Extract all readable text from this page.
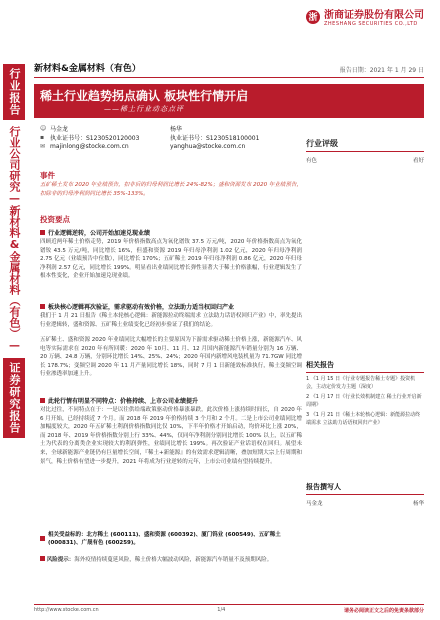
行业报告
行业公司研究—新材料&金属材料（有色）—
证券研究报告
浙 浙商证券股份有限公司
ZHESHANG SECURITIES CO.,LTD
新材料&金属材料（有色）	报告日期：2021 年 1 月 29 日
稀土行业趋势拐点确认 板块性行情开启
——稀土行业动态点评
☺ 马金龙	杨华
▪ 执业证书号：S1230520120003	执业证书号：S1230518100001
✉ majinlong@stocke.com.cn	yanghua@stocke.com.cn	行业评级
有色	看好
事件
五矿稀土发布 2020 年业绩预告，扣非后的归母利润比增长 24%-82%；盛和资源发布 2020 年业绩预告，扣除非的归母净利润同比增长 35%-133%。
投资要点
行业逻辑逆转，公司开始加速兑现业绩
四顾近两年稀土价格走势，2019 年价格指数高点为氧化镨钕 37.5 万元/吨，2020 年价格指数高点为氧化镨钕 43.5 万元/吨，同比增长 16%，但盛和资源 2019 年归母净利润 1.02 亿元，2020 年归母净利润 2.75 亿元（业绩预告中位数），同比增长 170%；五矿稀土 2019 年归母净利润 0.86 亿元，2020 年归母净利润 2.57 亿元，同比增长 199%。明显看出业绩同比增长弹性显著大于稀土价格涨幅，行业逻辑发生了根本性变化，企业开始加速兑现业绩。
板块核心逻辑再次验证，需求驱动有效价格，立法助力适当权回归产业
我们于 1 月 21 日报告《稀土本轮核心逻辑：新能源拉动终端需求 立法助力话语权回归产业》中，率先提出行业逻辑转，盛和资源、五矿稀土业绩变化已经初步验证了我们的结论。
五矿稀土、盛和资源 2020 年业绩同比大幅增长的主要原因为下游需求驱动稀土价格上涨，新能源汽车、风电等实际需求在 2020 年有所回暖：2020 年 10月、11 月、12 月国内新能源汽车销量分别为 16 万辆、20 万辆、24.8 万辆，分别环比增长 14%、25%、24%；2020 年国内新增风电装机量为 71.7GW 同比增长 178.7%；变频空调 2020 年 11 月产量同比增长 18%，同时 7 月 1 日新能效标准执行，稀土变频空调行业渗透率加速上升。
此轮行情有明显不同特点：价格持续、上市公司业绩提升
对比过往，不同特点在于：一是以往供给端政策驱动价格暴涨暴跌，此次价格上涨持续时间长，自 2020 年 6 月开始，已经持续近 7 个月。而 2018 年 2019 年价格持续 3 个月和 2 个月。二是上市公司业绩同比增加幅度较大，2020 年五矿稀土利润价格指数同比仅 10%，下半年价格才开始启动，均价环比上涨 20%，而 2018 年、2019 年价格指数分别上行 33%、44%，仅同年净利润分别同比增长 100% 以上，以五矿稀土为代表的分离类企业实现较大的利润弹性，业绩同比增长 199%。再次验证产业话语权在回归。展望未来，全球新能源产业链仍有巨量增长空间，『稀土+新能源』的有效需求逻辑清晰，叠加短期大宗上行周期和景气，稀土价格有望进一步提升，2021 年将成为行业逆转的元年，上市公司业绩有望持续提升。
相关受益标的：北方稀土 (600111)、盛和资源 (600392)、厦门钨业 (600549)、五矿稀土 (000831)、广晟有色 (600259)。
风险提示：海外疫情持续蔓延风险，稀土价格大幅波动风险，新能源汽车销量不及预期风险。
相关报告
1 《1 月 15 日《行业专题报告稀土专题》投资机会，主动定价发力主题（深度）
2 《1 月 17 日《行业长效机制建立 稀土行业开启新周期》
3 《1 月 21 日《稀土本轮核心逻辑：新能源拉动终端需求 立法助力话语权回归产业》
报告撰写人
马金龙	杨华
http://www.stocke.com.cn	1/4	请务必阅读正文之后的免责条款部分
